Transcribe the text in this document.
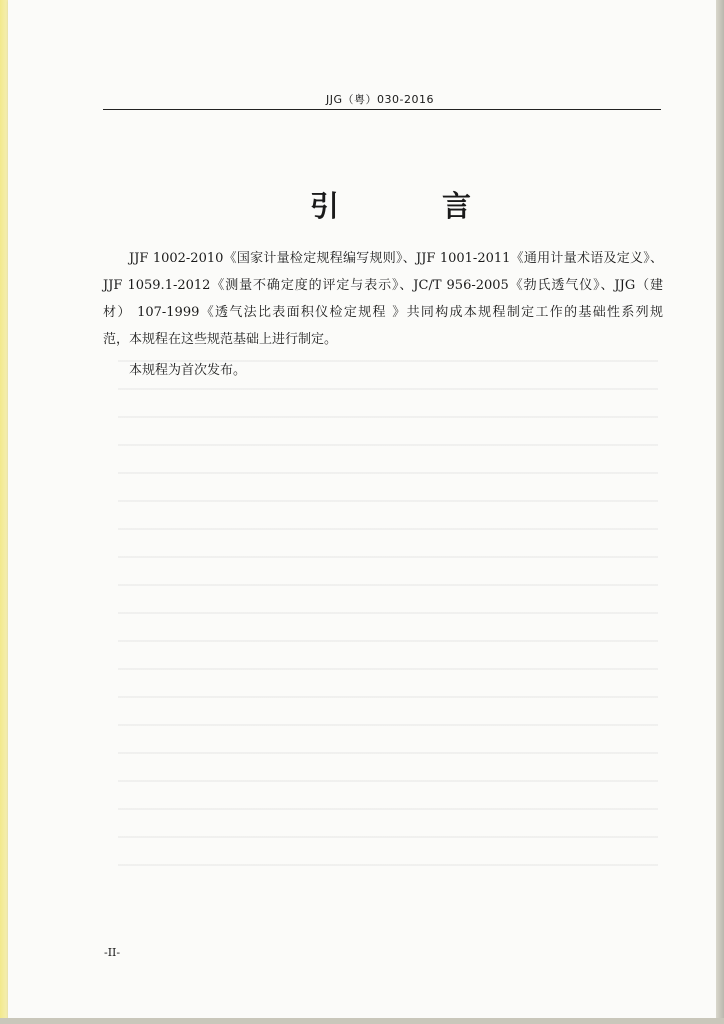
JJG（粤）030-2016
引	言
JJF 1002-2010《国家计量检定规程编写规则》、JJF 1001-2011《通用计量术语及定义》、
JJF 1059.1-2012《测量不确定度的评定与表示》、JC/T 956-2005《勃氏透气仪》、JJG（建
材） 107-1999《透气法比表面积仪检定规程 》共同构成本规程制定工作的基础性系列规
范，本规程在这些规范基础上进行制定。
本规程为首次发布。
-II-
